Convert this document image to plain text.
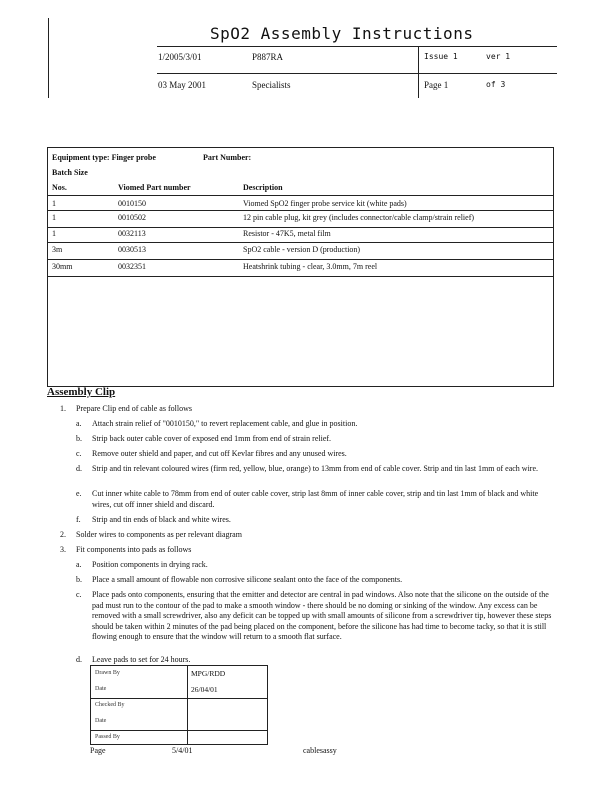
SpO2 Assembly Instructions
1/2005/3/01	P887RA	Issue 1	ver 1
03 May 2001	Specialists	Page 1	of 3
Equipment type: Finger probe	Part Number:
Batch Size
Nos.	Viomed Part number	Description
1	0010150	Viomed SpO2 finger probe service kit (white pads)
1	0010502	12 pin cable plug, kit grey (includes connector/cable clamp/strain relief)
1	0032113	Resistor - 47K5, metal film
3m	0030513	SpO2 cable - version D (production)
30mm	0032351	Heatshrink tubing - clear, 3.0mm, 7m reel
Assembly Clip
1. Prepare Clip end of cable as follows
a. Attach strain relief of "0010150," to revert replacement cable, and glue in position.
b. Strip back outer cable cover of exposed end 1mm from end of strain relief.
c. Remove outer shield and paper, and cut off Kevlar fibres and any unused wires.
d. Strip and tin relevant coloured wires (firm red, yellow, blue, orange) to 13mm from end of cable cover. Strip and tin last 1mm of each wire.
e. Cut inner white cable to 78mm from end of outer cable cover, strip last 8mm of inner cable cover, strip and tin last 1mm of black and white wires, cut off inner shield and discard.
f. Strip and tin ends of black and white wires.
2. Solder wires to components as per relevant diagram
3. Fit components into pads as follows
a. Position components in drying rack.
b. Place a small amount of flowable non corrosive silicone sealant onto the face of the components.
c. Place pads onto components, ensuring that the emitter and detector are central in pad windows. Also note that the silicone on the outside of the pad must run to the contour of the pad to make a smooth window - there should be no doming or sinking of the window. Any excess can be removed with a small screwdriver, also any deficit can be topped up with small amounts of silicone from a screwdriver tip, however these steps should be taken within 2 minutes of the pad being placed on the component, before the silicone has had time to become tacky, so that it is still flowing enough to ensure that the window will return to a smooth flat surface.
d. Leave pads to set for 24 hours.
Drawn By	MPG/RDD
Date	26/04/01
Checked By
Date
Passed By
Page	5/4/01	cablesassy
